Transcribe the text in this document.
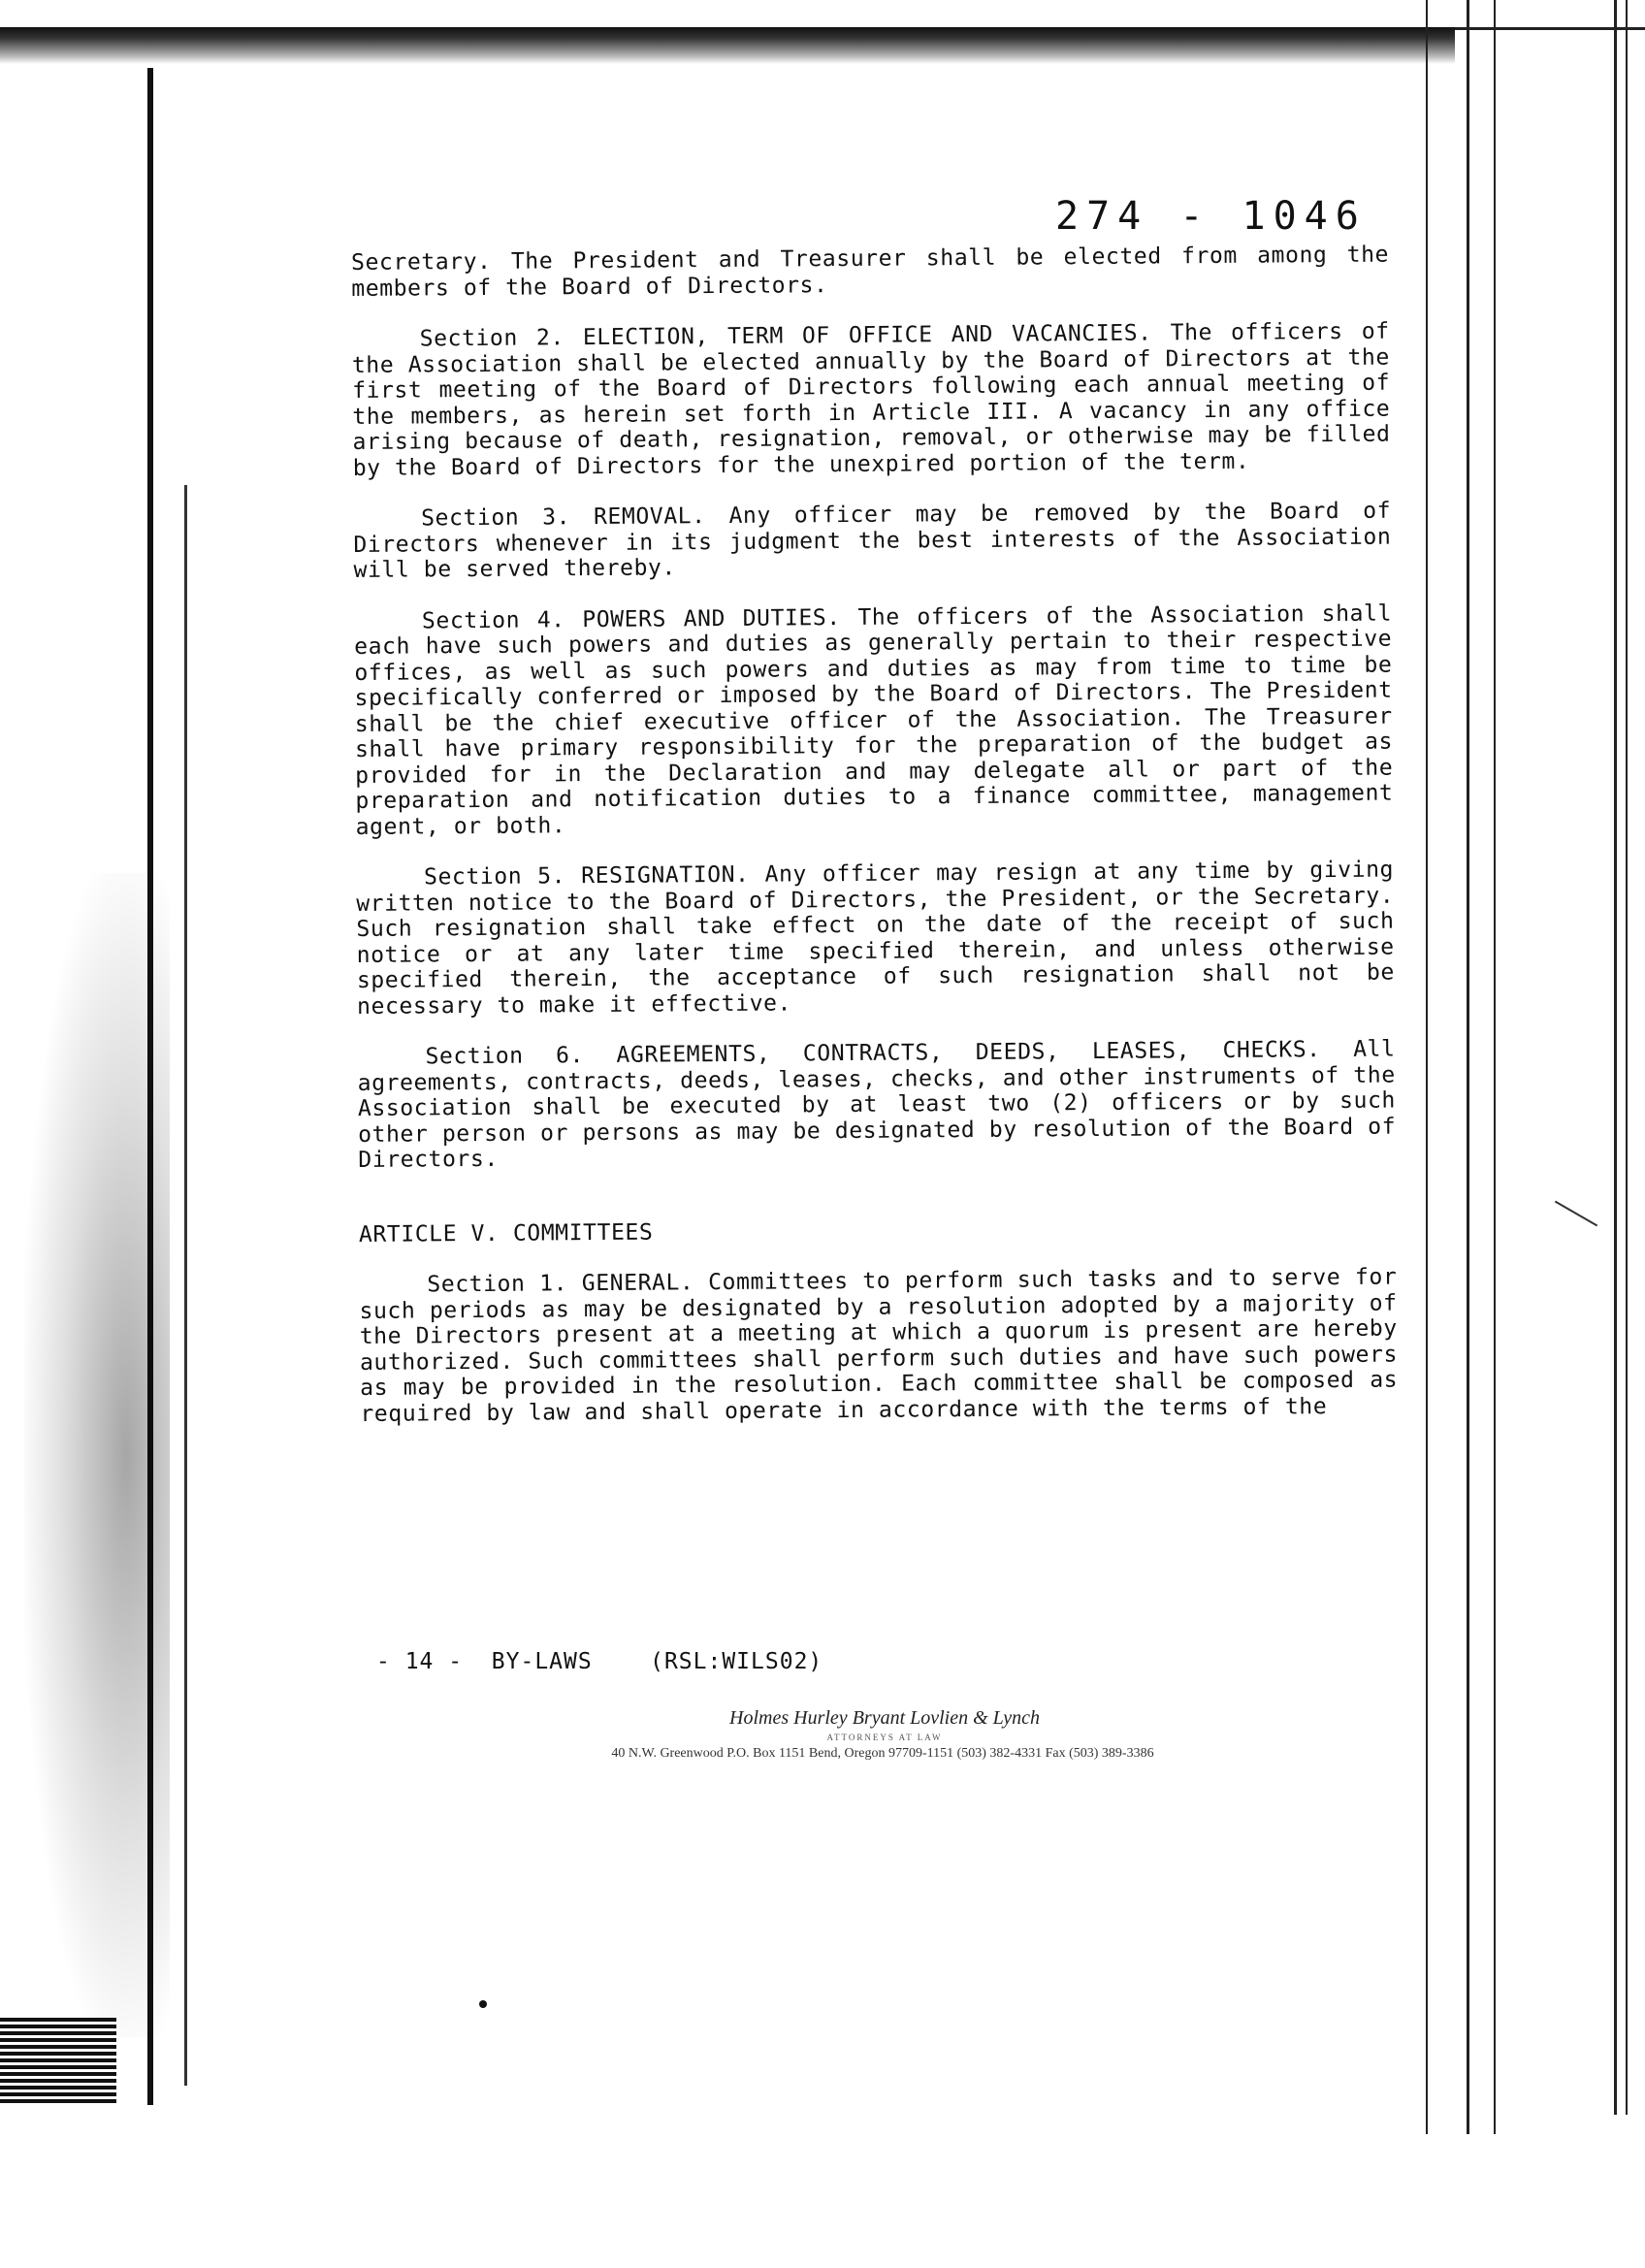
274 - 1046

Secretary. The President and Treasurer shall be elected from among the members of the Board of Directors.

Section 2. ELECTION, TERM OF OFFICE AND VACANCIES. The officers of the Association shall be elected annually by the Board of Directors at the first meeting of the Board of Directors following each annual meeting of the members, as herein set forth in Article III. A vacancy in any office arising because of death, resignation, removal, or otherwise may be filled by the Board of Directors for the unexpired portion of the term.

Section 3. REMOVAL. Any officer may be removed by the Board of Directors whenever in its judgment the best interests of the Association will be served thereby.

Section 4. POWERS AND DUTIES. The officers of the Association shall each have such powers and duties as generally pertain to their respective offices, as well as such powers and duties as may from time to time be specifically conferred or imposed by the Board of Directors. The President shall be the chief executive officer of the Association. The Treasurer shall have primary responsibility for the preparation of the budget as provided for in the Declaration and may delegate all or part of the preparation and notification duties to a finance committee, management agent, or both.

Section 5. RESIGNATION. Any officer may resign at any time by giving written notice to the Board of Directors, the President, or the Secretary. Such resignation shall take effect on the date of the receipt of such notice or at any later time specified therein, and unless otherwise specified therein, the acceptance of such resignation shall not be necessary to make it effective.

Section 6. AGREEMENTS, CONTRACTS, DEEDS, LEASES, CHECKS. All agreements, contracts, deeds, leases, checks, and other instruments of the Association shall be executed by at least two (2) officers or by such other person or persons as may be designated by resolution of the Board of Directors.

ARTICLE V. COMMITTEES

Section 1. GENERAL. Committees to perform such tasks and to serve for such periods as may be designated by a resolution adopted by a majority of the Directors present at a meeting at which a quorum is present are hereby authorized. Such committees shall perform such duties and have such powers as may be provided in the resolution. Each committee shall be composed as required by law and shall operate in accordance with the terms of the

- 14 -  BY-LAWS    (RSL:WILS02)
Holmes Hurley Bryant Lovlien & Lynch
ATTORNEYS AT LAW
40 N.W. Greenwood P.O. Box 1151 Bend, Oregon 97709-1151 (503) 382-4331 Fax (503) 389-3386
